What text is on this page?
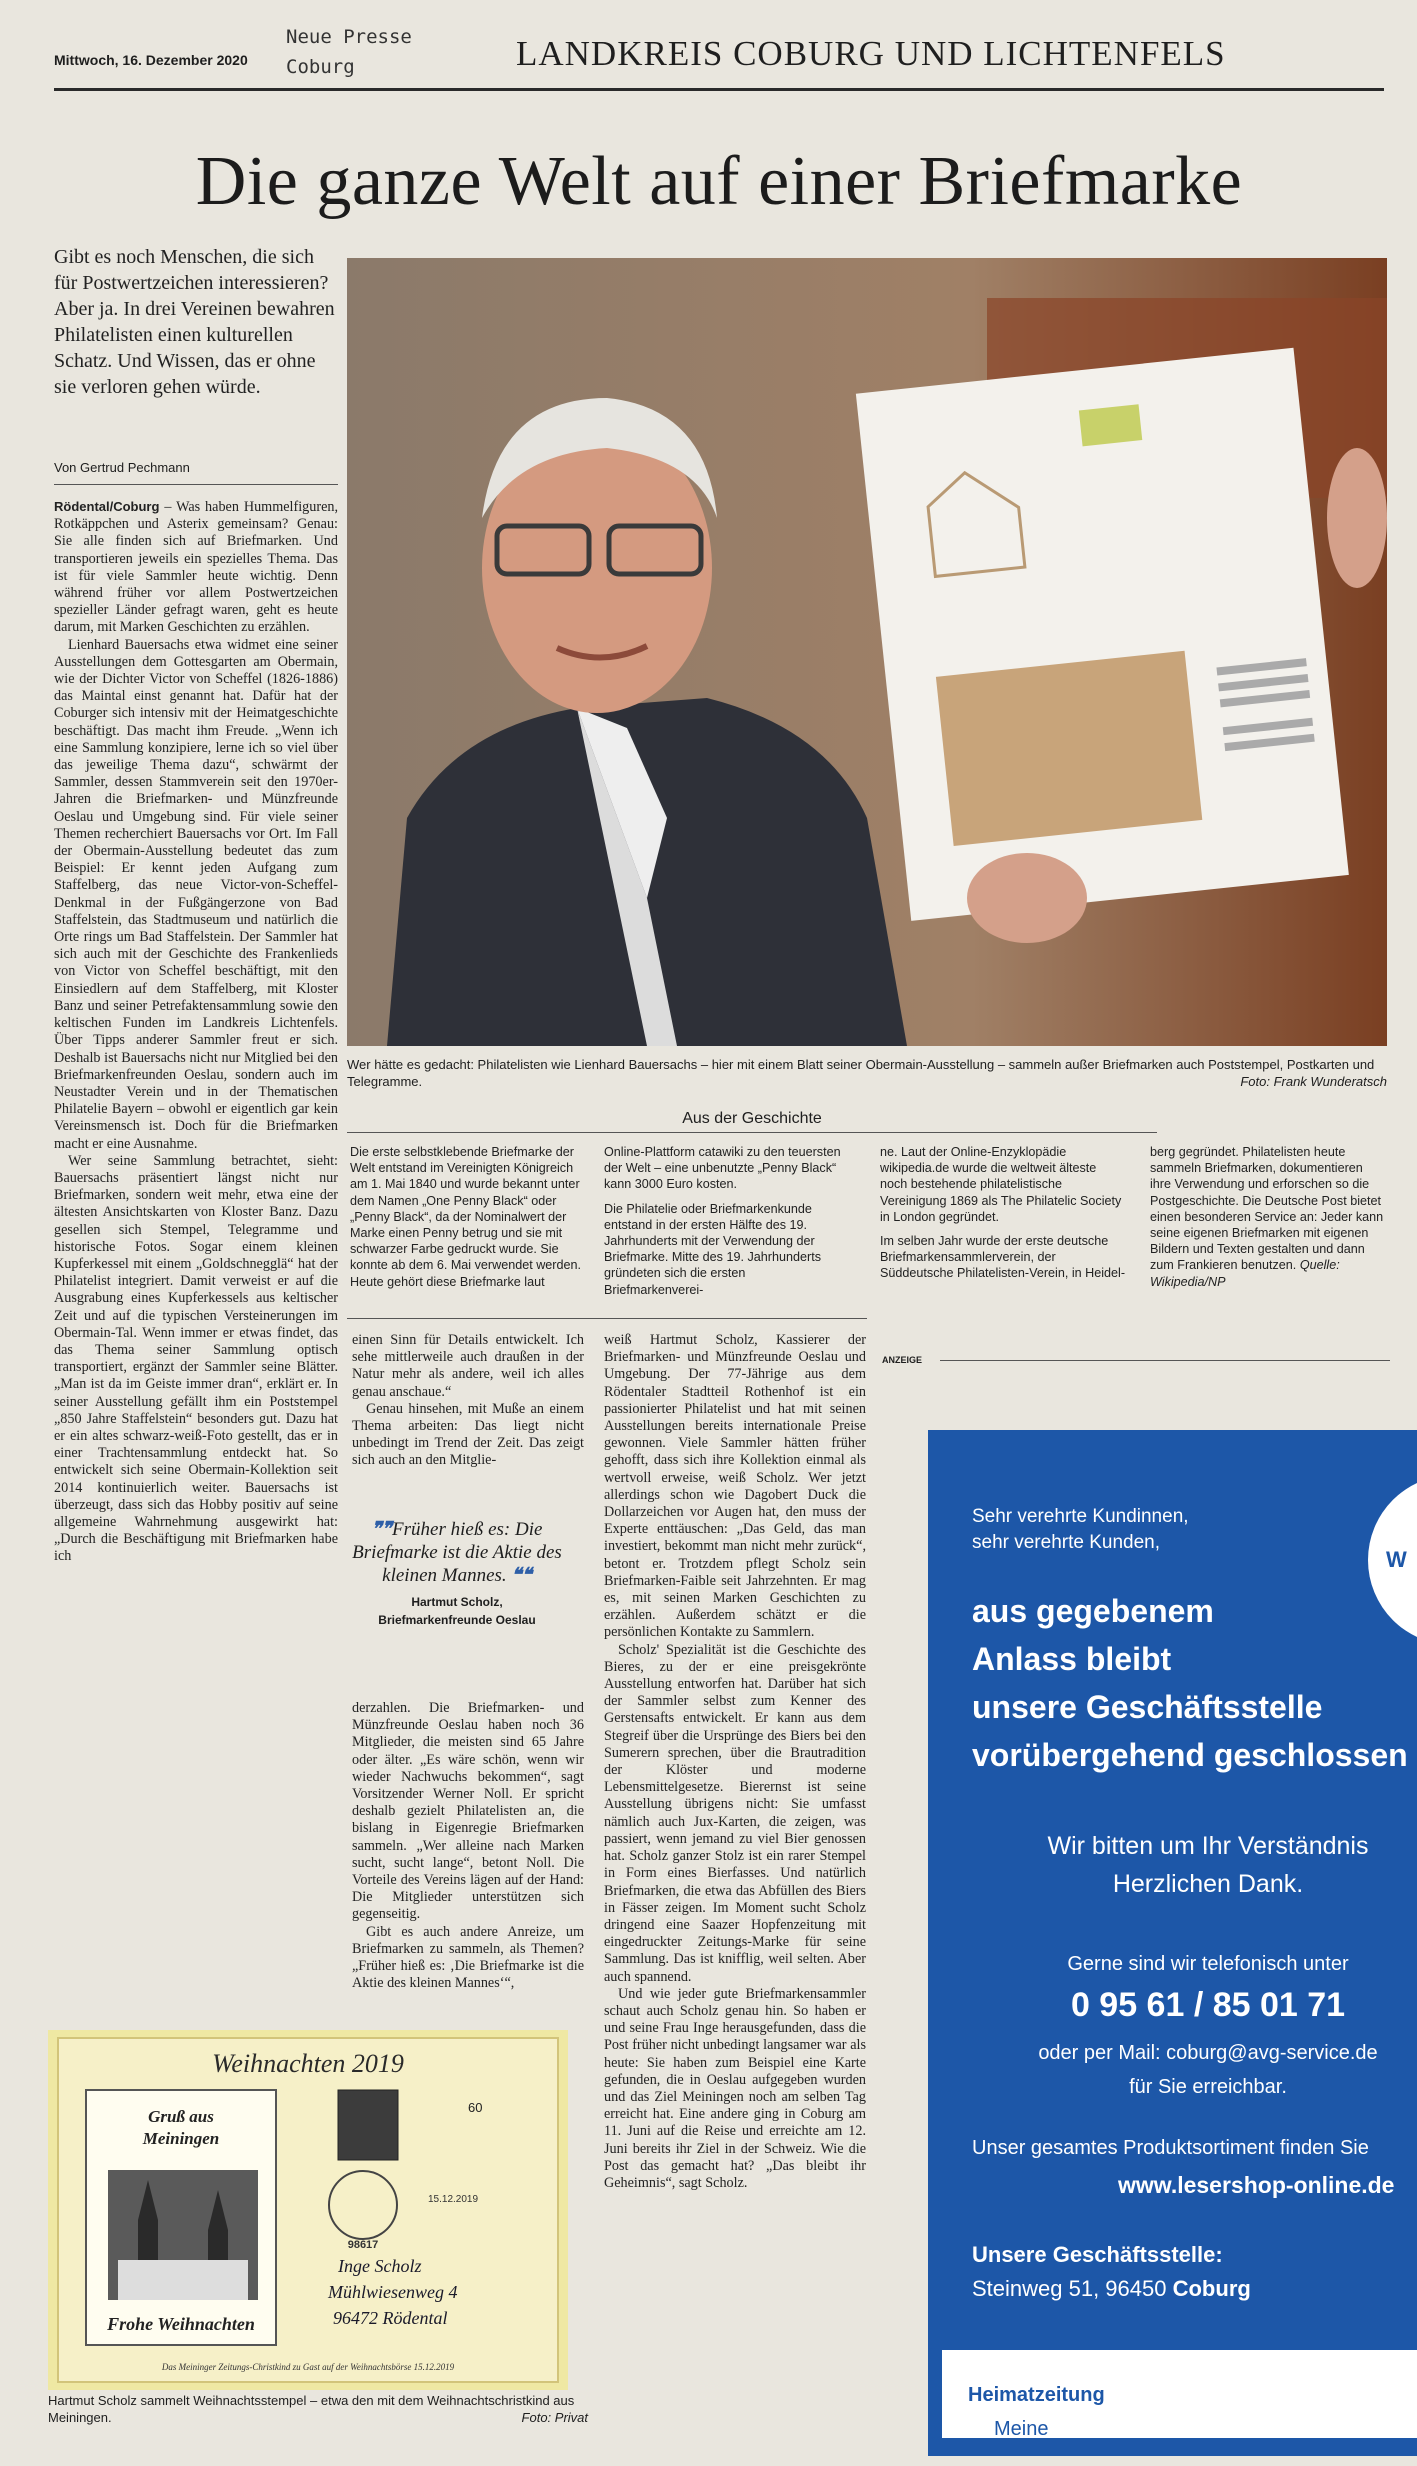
Mittwoch, 16. Dezember 2020
Neue Presse
Coburg	LANDKREIS COBURG UND LICHTENFELS
Die ganze Welt auf einer Briefmarke
Gibt es noch Menschen, die sich für Postwertzeichen interessieren? Aber ja. In drei Vereinen bewahren Philatelisten einen kulturellen Schatz. Und Wissen, das er ohne sie verloren gehen würde.
Von Gertrud Pechmann

Rödental/Coburg – Was haben Hummelfiguren, Rotkäppchen und Asterix gemeinsam? Genau: Sie alle finden sich auf Briefmarken. Und transportieren jeweils ein spezielles Thema. Das ist für viele Sammler heute wichtig. Denn während früher vor allem Postwertzeichen spezieller Länder gefragt waren, geht es heute darum, mit Marken Geschichten zu erzählen.

Lienhard Bauersachs etwa widmet eine seiner Ausstellungen dem Gottesgarten am Obermain, wie der Dichter Victor von Scheffel (1826-1886) das Maintal einst genannt hat. Dafür hat der Coburger sich intensiv mit der Heimatgeschichte beschäftigt. Das macht ihm Freude. „Wenn ich eine Sammlung konzipiere, lerne ich so viel über das jeweilige Thema dazu“, schwärmt der Sammler, dessen Stammverein seit den 1970er-Jahren die Briefmarken- und Münzfreunde Oeslau und Umgebung sind. Für viele seiner Themen recherchiert Bauersachs vor Ort. Im Fall der Obermain-Ausstellung bedeutet das zum Beispiel: Er kennt jeden Aufgang zum Staffelberg, das neue Victor-von-Scheffel-Denkmal in der Fußgängerzone von Bad Staffelstein, das Stadtmuseum und natürlich die Orte rings um Bad Staffelstein. Der Sammler hat sich auch mit der Geschichte des Frankenlieds von Victor von Scheffel beschäftigt, mit den Einsiedlern auf dem Staffelberg, mit Kloster Banz und seiner Petrefaktensammlung sowie den keltischen Funden im Landkreis Lichtenfels. Über Tipps anderer Sammler freut er sich. Deshalb ist Bauersachs nicht nur Mitglied bei den Briefmarkenfreunden Oeslau, sondern auch im Neustadter Verein und in der Thematischen Philatelie Bayern – obwohl er eigentlich gar kein Vereinsmensch ist. Doch für die Briefmarken macht er eine Ausnahme.

Wer seine Sammlung betrachtet, sieht: Bauersachs präsentiert längst nicht nur Briefmarken, sondern weit mehr, etwa eine der ältesten Ansichtskarten von Kloster Banz. Dazu gesellen sich Stempel, Telegramme und historische Fotos. Sogar einem kleinen Kupferkessel mit einem „Goldschnegglä“ hat der Philatelist integriert. Damit verweist er auf die Ausgrabung eines Kupferkessels aus keltischer Zeit und auf die typischen Versteinerungen im Obermain-Tal. Wenn immer er etwas findet, das das Thema seiner Sammlung optisch transportiert, ergänzt der Sammler seine Blätter. „Man ist da im Geiste immer dran“, erklärt er. In seiner Ausstellung gefällt ihm ein Poststempel „850 Jahre Staffelstein“ besonders gut. Dazu hat er ein altes schwarz-weiß-Foto gestellt, das er in einer Trachtensammlung entdeckt hat. So entwickelt sich seine Obermain-Kollektion seit 2014 kontinuierlich weiter. Bauersachs ist überzeugt, dass sich das Hobby positiv auf seine allgemeine Wahrnehmung ausgewirkt hat: „Durch die Beschäftigung mit Briefmarken habe ich

Wer hätte es gedacht: Philatelisten wie Lienhard Bauersachs – hier mit einem Blatt seiner Obermain-Ausstellung – sammeln außer Briefmarken auch Poststempel, Postkarten und Telegramme.	Foto: Frank Wunderatsch
Aus der Geschichte

Die erste selbstklebende Briefmarke der Welt entstand im Vereinigten Königreich am 1. Mai 1840 und wurde bekannt unter dem Namen „One Penny Black“ oder „Penny Black“, da der Nominalwert der Marke einen Penny betrug und sie mit schwarzer Farbe gedruckt wurde. Sie konnte ab dem 6. Mai verwendet werden. Heute gehört diese Briefmarke laut

Online-Plattform catawiki zu den teuersten der Welt – eine unbenutzte „Penny Black“ kann 3000 Euro kosten.

Die Philatelie oder Briefmarkenkunde entstand in der ersten Hälfte des 19. Jahrhunderts mit der Verwendung der Briefmarke. Mitte des 19. Jahrhunderts gründeten sich die ersten Briefmarkenverei-

ne. Laut der Online-Enzyklopädie wikipedia.de wurde die weltweit älteste noch bestehende philatelistische Vereinigung 1869 als The Philatelic Society in London gegründet.

Im selben Jahr wurde der erste deutsche Briefmarkensammlerverein, der Süddeutsche Philatelisten-Verein, in Heidel-

berg gegründet. Philatelisten heute sammeln Briefmarken, dokumentieren ihre Verwendung und erforschen so die Postgeschichte. Die Deutsche Post bietet einen besonderen Service an: Jeder kann seine eigenen Briefmarken mit eigenen Bildern und Texten gestalten und dann zum Frankieren benutzen. Quelle: Wikipedia/NP

einen Sinn für Details entwickelt. Ich sehe mittlerweile auch draußen in der Natur mehr als andere, weil ich alles genau anschaue.“

Genau hinsehen, mit Muße an einem Thema arbeiten: Das liegt nicht unbedingt im Trend der Zeit. Das zeigt sich auch an den Mitglie-

❞❞Früher hieß es: Die Briefmarke ist die Aktie des kleinen Mannes. ❝❝
Hartmut Scholz,
Briefmarkenfreunde Oeslau

derzahlen. Die Briefmarken- und Münzfreunde Oeslau haben noch 36 Mitglieder, die meisten sind 65 Jahre oder älter. „Es wäre schön, wenn wir wieder Nachwuchs bekommen“, sagt Vorsitzender Werner Noll. Er spricht deshalb gezielt Philatelisten an, die bislang in Eigenregie Briefmarken sammeln. „Wer alleine nach Marken sucht, sucht lange“, betont Noll. Die Vorteile des Vereins lägen auf der Hand: Die Mitglieder unterstützen sich gegenseitig.

Gibt es auch andere Anreize, um Briefmarken zu sammeln, als Themen? „Früher hieß es: ‚Die Briefmarke ist die Aktie des kleinen Mannes‘“,

weiß Hartmut Scholz, Kassierer der Briefmarken- und Münzfreunde Oeslau und Umgebung. Der 77-Jährige aus dem Rödentaler Stadtteil Rothenhof ist ein passionierter Philatelist und hat mit seinen Ausstellungen bereits internationale Preise gewonnen. Viele Sammler hätten früher gehofft, dass sich ihre Kollektion einmal als wertvoll erweise, weiß Scholz. Wer jetzt allerdings schon wie Dagobert Duck die Dollarzeichen vor Augen hat, den muss der Experte enttäuschen: „Das Geld, das man investiert, bekommt man nicht mehr zurück“, betont er. Trotzdem pflegt Scholz sein Briefmarken-Faible seit Jahrzehnten. Er mag es, mit seinen Marken Geschichten zu erzählen. Außerdem schätzt er die persönlichen Kontakte zu Sammlern.

Scholz' Spezialität ist die Geschichte des Bieres, zu der er eine preisgekrönte Ausstellung entworfen hat. Darüber hat sich der Sammler selbst zum Kenner des Gerstensafts entwickelt. Er kann aus dem Stegreif über die Ursprünge des Biers bei den Sumerern sprechen, über die Brautradition der Klöster und moderne Lebensmittelgesetze. Bierernst ist seine Ausstellung übrigens nicht: Sie umfasst nämlich auch Jux-Karten, die zeigen, was passiert, wenn jemand zu viel Bier genossen hat. Scholz ganzer Stolz ist ein rarer Stempel in Form eines Bierfasses. Und natürlich Briefmarken, die etwa das Abfüllen des Biers in Fässer zeigen. Im Moment sucht Scholz dringend eine Saazer Hopfenzeitung mit eingedruckter Zeitungs-Marke für seine Sammlung. Das ist knifflig, weil selten. Aber auch spannend.

Und wie jeder gute Briefmarkensammler schaut auch Scholz genau hin. So haben er und seine Frau Inge herausgefunden, dass die Post früher nicht unbedingt langsamer war als heute: Sie haben zum Beispiel eine Karte gefunden, die in Oeslau aufgegeben wurden und das Ziel Meiningen noch am selben Tag erreicht hat. Eine andere ging in Coburg am 11. Juni auf die Reise und erreichte am 12. Juni bereits ihr Ziel in der Schweiz. Wie die Post das gemacht hat? „Das bleibt ihr Geheimnis“, sagt Scholz.

ANZEIGE
W
Sehr verehrte Kundinnen,
sehr verehrte Kunden,
aus gegebenem
Anlass bleibt
unsere Geschäftsstelle
vorübergehend geschlossen
Wir bitten um Ihr Verständnis
Herzlichen Dank.
Gerne sind wir telefonisch unter
0 95 61 / 85 01 71
oder per Mail: coburg@avg-service.de
für Sie erreichbar.
Unser gesamtes Produktsortiment finden Sie
www.lesershop-online.de
Unsere Geschäftsstelle:
Steinweg 51, 96450 Coburg
Meine
Heimatzeitung
Weihnachten 2019
Gruß aus
Meiningen
Frohe Weihnachten
60
15.12.2019
98617
Inge Scholz
Mühlwiesenweg 4
96472 Rödental
Das Meininger Zeitungs-Christkind zu Gast auf der Weihnachtsbörse 15.12.2019
Hartmut Scholz sammelt Weihnachtsstempel – etwa den mit dem Weihnachtschristkind aus Meiningen.	Foto: Privat
